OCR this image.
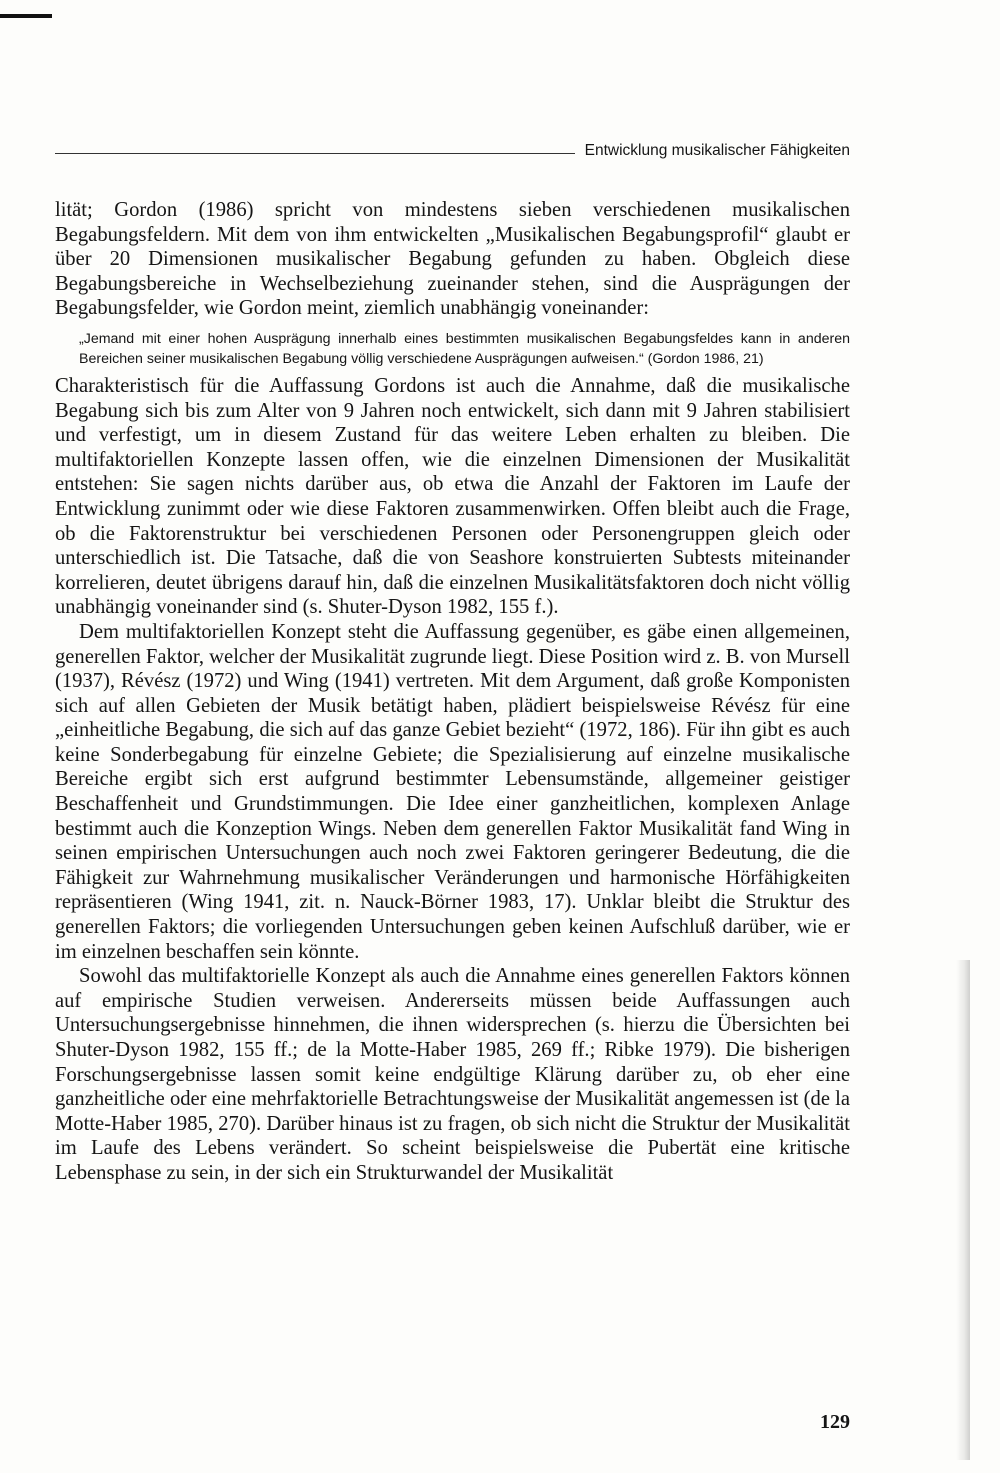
Entwicklung musikalischer Fähigkeiten

lität; Gordon (1986) spricht von mindestens sieben verschiedenen musikalischen Begabungsfeldern. Mit dem von ihm entwickelten „Musikalischen Begabungsprofil“ glaubt er über 20 Dimensionen musikalischer Begabung gefunden zu haben. Obgleich diese Begabungsbereiche in Wechselbeziehung zueinander stehen, sind die Ausprägungen der Begabungsfelder, wie Gordon meint, ziemlich unabhängig voneinander:

„Jemand mit einer hohen Ausprägung innerhalb eines bestimmten musikalischen Begabungsfeldes kann in anderen Bereichen seiner musikalischen Begabung völlig verschiedene Ausprägungen aufweisen.“ (Gordon 1986, 21)

Charakteristisch für die Auffassung Gordons ist auch die Annahme, daß die musikalische Begabung sich bis zum Alter von 9 Jahren noch entwickelt, sich dann mit 9 Jahren stabilisiert und verfestigt, um in diesem Zustand für das weitere Leben erhalten zu bleiben. Die multifaktoriellen Konzepte lassen offen, wie die einzelnen Dimensionen der Musikalität entstehen: Sie sagen nichts darüber aus, ob etwa die Anzahl der Faktoren im Laufe der Entwicklung zunimmt oder wie diese Faktoren zusammenwirken. Offen bleibt auch die Frage, ob die Faktorenstruktur bei verschiedenen Personen oder Personengruppen gleich oder unterschiedlich ist. Die Tatsache, daß die von Seashore konstruierten Subtests miteinander korrelieren, deutet übrigens darauf hin, daß die einzelnen Musikalitätsfaktoren doch nicht völlig unabhängig voneinander sind (s. Shuter-Dyson 1982, 155 f.).

Dem multifaktoriellen Konzept steht die Auffassung gegenüber, es gäbe einen allgemeinen, generellen Faktor, welcher der Musikalität zugrunde liegt. Diese Position wird z. B. von Mursell (1937), Révész (1972) und Wing (1941) vertreten. Mit dem Argument, daß große Komponisten sich auf allen Gebieten der Musik betätigt haben, plädiert beispielsweise Révész für eine „einheitliche Begabung, die sich auf das ganze Gebiet bezieht“ (1972, 186). Für ihn gibt es auch keine Sonderbegabung für einzelne Gebiete; die Spezialisierung auf einzelne musikalische Bereiche ergibt sich erst aufgrund bestimmter Lebensumstände, allgemeiner geistiger Beschaffenheit und Grundstimmungen. Die Idee einer ganzheitlichen, komplexen Anlage bestimmt auch die Konzeption Wings. Neben dem generellen Faktor Musikalität fand Wing in seinen empirischen Untersuchungen auch noch zwei Faktoren geringerer Bedeutung, die die Fähigkeit zur Wahrnehmung musikalischer Veränderungen und harmonische Hörfähigkeiten repräsentieren (Wing 1941, zit. n. Nauck-Börner 1983, 17). Unklar bleibt die Struktur des generellen Faktors; die vorliegenden Untersuchungen geben keinen Aufschluß darüber, wie er im einzelnen beschaffen sein könnte.

Sowohl das multifaktorielle Konzept als auch die Annahme eines generellen Faktors können auf empirische Studien verweisen. Andererseits müssen beide Auffassungen auch Untersuchungsergebnisse hinnehmen, die ihnen widersprechen (s. hierzu die Übersichten bei Shuter-Dyson 1982, 155 ff.; de la Motte-Haber 1985, 269 ff.; Ribke 1979). Die bisherigen Forschungsergebnisse lassen somit keine endgültige Klärung darüber zu, ob eher eine ganzheitliche oder eine mehrfaktorielle Betrachtungsweise der Musikalität angemessen ist (de la Motte-Haber 1985, 270). Darüber hinaus ist zu fragen, ob sich nicht die Struktur der Musikalität im Laufe des Lebens verändert. So scheint beispielsweise die Pubertät eine kritische Lebensphase zu sein, in der sich ein Strukturwandel der Musikalität

129
